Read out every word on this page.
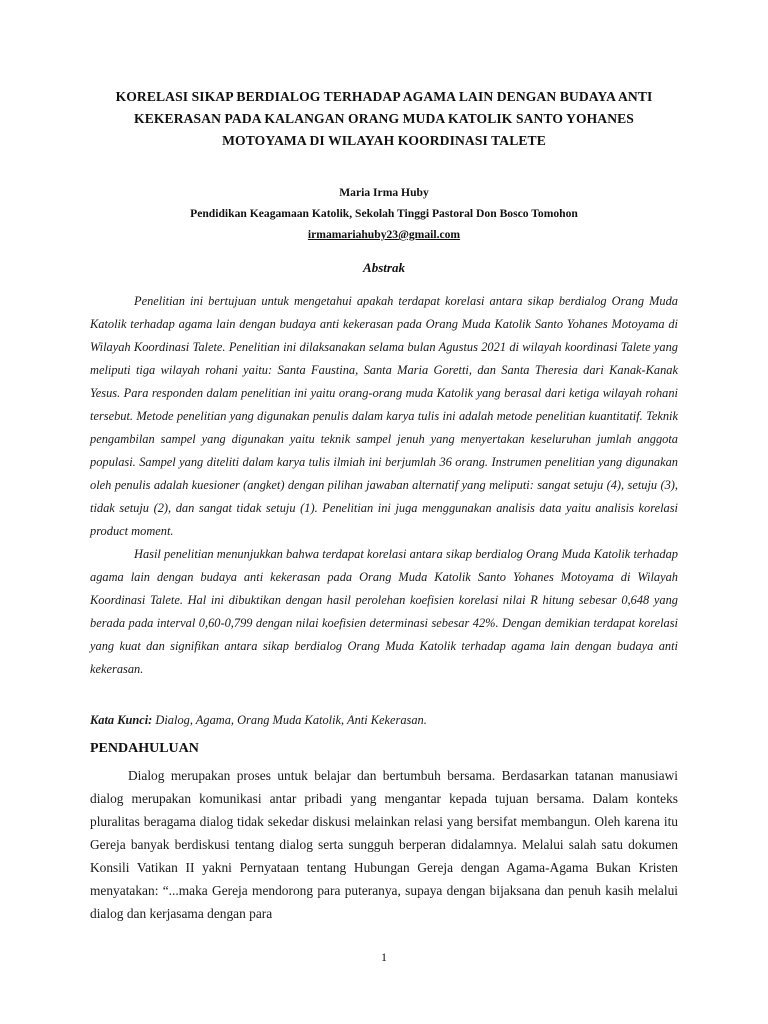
KORELASI SIKAP BERDIALOG TERHADAP AGAMA LAIN DENGAN BUDAYA ANTI
KEKERASAN PADA KALANGAN ORANG MUDA KATOLIK SANTO YOHANES
MOTOYAMA DI WILAYAH KOORDINASI TALETE
Maria Irma Huby
Pendidikan Keagamaan Katolik, Sekolah Tinggi Pastoral Don Bosco Tomohon
irmamariahuby23@gmail.com
Abstrak

Penelitian ini bertujuan untuk mengetahui apakah terdapat korelasi antara sikap berdialog Orang Muda Katolik terhadap agama lain dengan budaya anti kekerasan pada Orang Muda Katolik Santo Yohanes Motoyama di Wilayah Koordinasi Talete. Penelitian ini dilaksanakan selama bulan Agustus 2021 di wilayah koordinasi Talete yang meliputi tiga wilayah rohani yaitu: Santa Faustina, Santa Maria Goretti, dan Santa Theresia dari Kanak-Kanak Yesus. Para responden dalam penelitian ini yaitu orang-orang muda Katolik yang berasal dari ketiga wilayah rohani tersebut. Metode penelitian yang digunakan penulis dalam karya tulis ini adalah metode penelitian kuantitatif. Teknik pengambilan sampel yang digunakan yaitu teknik sampel jenuh yang menyertakan keseluruhan jumlah anggota populasi. Sampel yang diteliti dalam karya tulis ilmiah ini berjumlah 36 orang. Instrumen penelitian yang digunakan oleh penulis adalah kuesioner (angket) dengan pilihan jawaban alternatif yang meliputi: sangat setuju (4), setuju (3), tidak setuju (2), dan sangat tidak setuju (1). Penelitian ini juga menggunakan analisis data yaitu analisis korelasi product moment.

Hasil penelitian menunjukkan bahwa terdapat korelasi antara sikap berdialog Orang Muda Katolik terhadap agama lain dengan budaya anti kekerasan pada Orang Muda Katolik Santo Yohanes Motoyama di Wilayah Koordinasi Talete. Hal ini dibuktikan dengan hasil perolehan koefisien korelasi nilai R hitung sebesar 0,648 yang berada pada interval 0,60-0,799 dengan nilai koefisien determinasi sebesar 42%. Dengan demikian terdapat korelasi yang kuat dan signifikan antara sikap berdialog Orang Muda Katolik terhadap agama lain dengan budaya anti kekerasan.

Kata Kunci: Dialog, Agama, Orang Muda Katolik, Anti Kekerasan.
PENDAHULUAN

Dialog merupakan proses untuk belajar dan bertumbuh bersama. Berdasarkan tatanan manusiawi dialog merupakan komunikasi antar pribadi yang mengantar kepada tujuan bersama. Dalam konteks pluralitas beragama dialog tidak sekedar diskusi melainkan relasi yang bersifat membangun. Oleh karena itu Gereja banyak berdiskusi tentang dialog serta sungguh berperan didalamnya. Melalui salah satu dokumen Konsili Vatikan II yakni Pernyataan tentang Hubungan Gereja dengan Agama-Agama Bukan Kristen menyatakan: “...maka Gereja mendorong para puteranya, supaya dengan bijaksana dan penuh kasih melalui dialog dan kerjasama dengan para

1
